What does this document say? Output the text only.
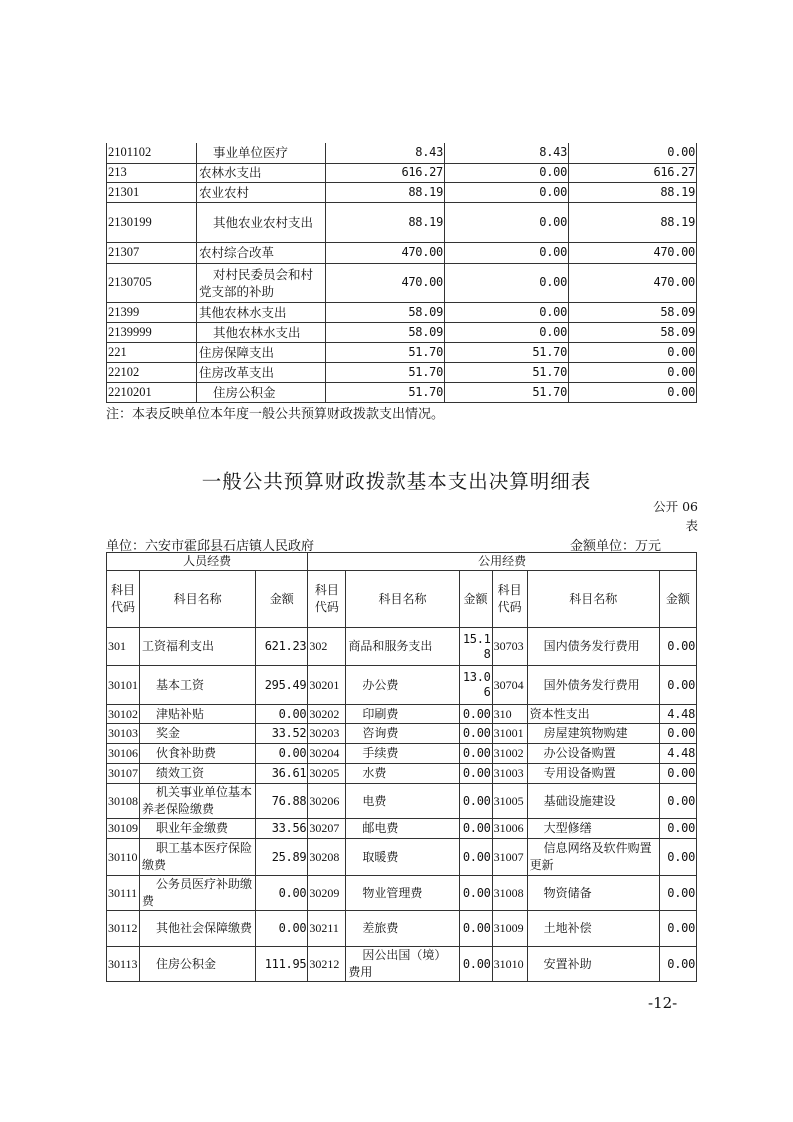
2101102	事业单位医疗	8.43	8.43	0.00
213	农林水支出	616.27	0.00	616.27
21301	农业农村	88.19	0.00	88.19
2130199	其他农业农村支出	88.19	0.00	88.19
21307	农村综合改革	470.00	0.00	470.00
2130705	对村民委员会和村党支部的补助	470.00	0.00	470.00
21399	其他农林水支出	58.09	0.00	58.09
2139999	其他农林水支出	58.09	0.00	58.09
221	住房保障支出	51.70	51.70	0.00
22102	住房改革支出	51.70	51.70	0.00
2210201	住房公积金	51.70	51.70	0.00
注：本表反映单位本年度一般公共预算财政拨款支出情况。
一般公共预算财政拨款基本支出决算明细表
公开 06
表
单位：六安市霍邱县石店镇人民政府	金额单位：万元
人员经费			公用经费					
科目代码	科目名称	金额	科目代码	科目名称	金额	科目代码	科目名称	金额
301	工资福利支出	621.23	302	商品和服务支出	15.18	30703	国内债务发行费用	0.00
30101	基本工资	295.49	30201	办公费	13.06	30704	国外债务发行费用	0.00
30102	津贴补贴	0.00	30202	印刷费	0.00	310	资本性支出	4.48
30103	奖金	33.52	30203	咨询费	0.00	31001	房屋建筑物购建	0.00
30106	伙食补助费	0.00	30204	手续费	0.00	31002	办公设备购置	4.48
30107	绩效工资	36.61	30205	水费	0.00	31003	专用设备购置	0.00
30108	机关事业单位基本养老保险缴费	76.88	30206	电费	0.00	31005	基础设施建设	0.00
30109	职业年金缴费	33.56	30207	邮电费	0.00	31006	大型修缮	0.00
30110	职工基本医疗保险缴费	25.89	30208	取暖费	0.00	31007	信息网络及软件购置更新	0.00
30111	公务员医疗补助缴费	0.00	30209	物业管理费	0.00	31008	物资储备	0.00
30112	其他社会保障缴费	0.00	30211	差旅费	0.00	31009	土地补偿	0.00
30113	住房公积金	111.95	30212	因公出国（境）费用	0.00	31010	安置补助	0.00
-12-
